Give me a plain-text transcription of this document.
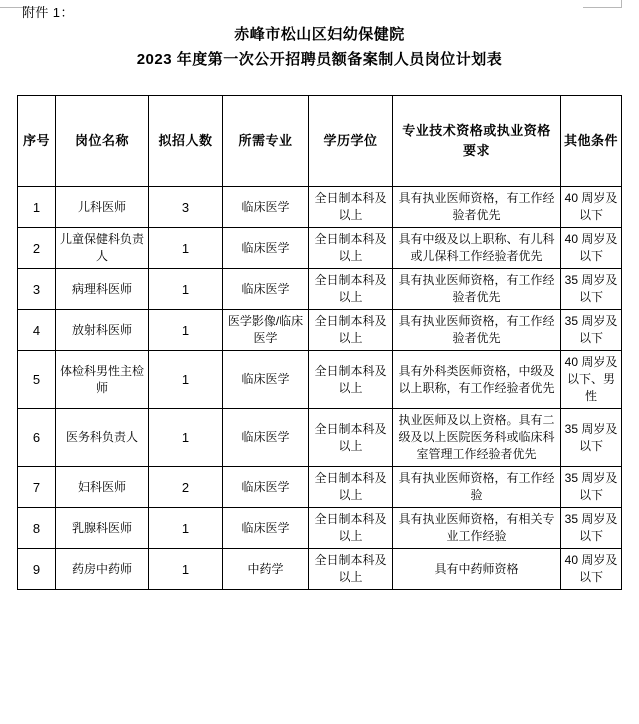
附件 1：
赤峰市松山区妇幼保健院
2023 年度第一次公开招聘员额备案制人员岗位计划表
序号	岗位名称	拟招人数	所需专业	学历学位	专业技术资格或执业资格要求	其他条件
1	儿科医师	3	临床医学	全日制本科及以上	具有执业医师资格，有工作经验者优先	40 周岁及以下
2	儿童保健科负责人	1	临床医学	全日制本科及以上	具有中级及以上职称、有儿科或儿保科工作经验者优先	40 周岁及以下
3	病理科医师	1	临床医学	全日制本科及以上	具有执业医师资格，有工作经验者优先	35 周岁及以下
4	放射科医师	1	医学影像/临床医学	全日制本科及以上	具有执业医师资格，有工作经验者优先	35 周岁及以下
5	体检科男性主检师	1	临床医学	全日制本科及以上	具有外科类医师资格，中级及以上职称，有工作经验者优先	40 周岁及以下、男性
6	医务科负责人	1	临床医学	全日制本科及以上	执业医师及以上资格。具有二级及以上医院医务科或临床科室管理工作经验者优先	35 周岁及以下
7	妇科医师	2	临床医学	全日制本科及以上	具有执业医师资格，有工作经验	35 周岁及以下
8	乳腺科医师	1	临床医学	全日制本科及以上	具有执业医师资格，有相关专业工作经验	35 周岁及以下
9	药房中药师	1	中药学	全日制本科及以上	具有中药师资格	40 周岁及以下
